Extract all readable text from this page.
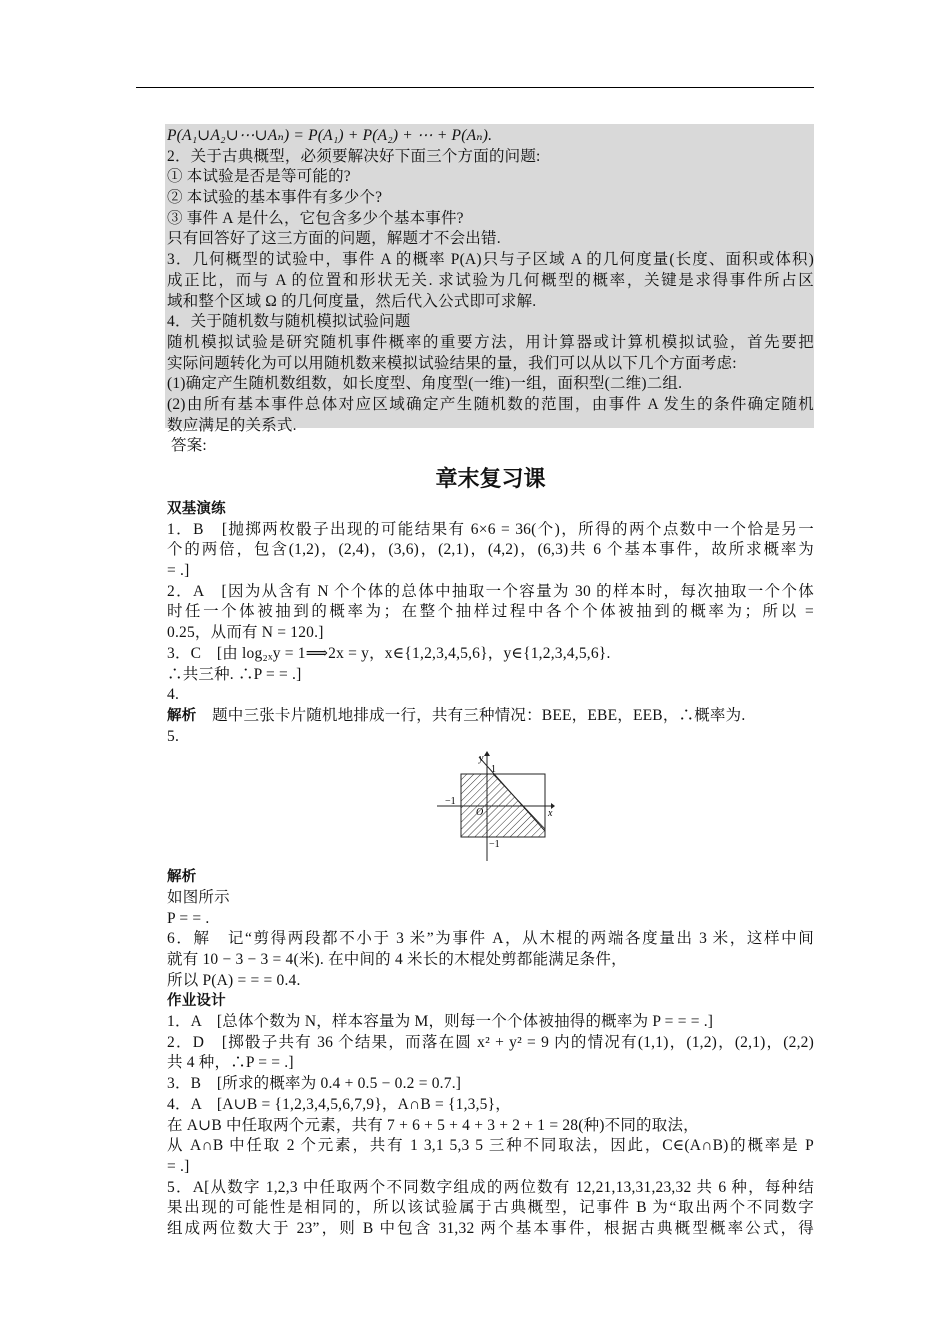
P(A₁∪A₂∪⋯∪Aₙ) = P(A₁) + P(A₂) + ⋯ + P(Aₙ).
2．关于古典概型，必须要解决好下面三个方面的问题:
① 本试验是否是等可能的?
② 本试验的基本事件有多少个?
③ 事件 A 是什么，它包含多少个基本事件?
只有回答好了这三方面的问题，解题才不会出错.
3．几何概型的试验中，事件 A 的概率 P(A)只与子区域 A 的几何度量(长度、面积或体积)
成正比，而与 A 的位置和形状无关. 求试验为几何概型的概率，关键是求得事件所占区
域和整个区域 Ω 的几何度量，然后代入公式即可求解.
4．关于随机数与随机模拟试验问题
随机模拟试验是研究随机事件概率的重要方法，用计算器或计算机模拟试验，首先要把
实际问题转化为可以用随机数来模拟试验结果的量，我们可以从以下几个方面考虑:
(1)确定产生随机数组数，如长度型、角度型(一维)一组，面积型(二维)二组.
(2)由所有基本事件总体对应区域确定产生随机数的范围，由事件 A 发生的条件确定随机
数应满足的关系式.
答案:
章末复习课
双基演练
1．B　[抛掷两枚骰子出现的可能结果有 6×6 = 36(个)，所得的两个点数中一个恰是另一
个的两倍，包含(1,2)，(2,4)，(3,6)，(2,1)，(4,2)，(6,3)共 6 个基本事件，故所求概率为
= .]
2．A　[因为从含有 N 个个体的总体中抽取一个容量为 30 的样本时，每次抽取一个个体
时任一个体被抽到的概率为；在整个抽样过程中各个个体被抽到的概率为；所以 =
0.25，从而有 N = 120.]
3．C　[由 log₂ₓy = 1⟹2x = y，x∈{1,2,3,4,5,6}，y∈{1,2,3,4,5,6}.
∴共三种. ∴P = = .]
4.
解析　 题中三张卡片随机地排成一行，共有三种情况：BEE，EBE，EEB，∴概率为.
5.
y
x
O
1
−1
−1
解析
如图所示
P = = .
6．解　记“剪得两段都不小于 3 米”为事件 A，从木棍的两端各度量出 3 米，这样中间
就有 10 − 3 − 3 = 4(米). 在中间的 4 米长的木棍处剪都能满足条件，
所以 P(A) = = = 0.4.
作业设计
1．A　[总体个数为 N，样本容量为 M，则每一个个体被抽得的概率为 P = = = .]
2．D　[掷骰子共有 36 个结果，而落在圆 x² + y² = 9 内的情况有(1,1)，(1,2)，(2,1)，(2,2)
共 4 种，∴P = = .]
3．B　[所求的概率为 0.4 + 0.5 − 0.2 = 0.7.]
4．A　[A∪B = {1,2,3,4,5,6,7,9}，A∩B = {1,3,5}，
在 A∪B 中任取两个元素，共有 7 + 6 + 5 + 4 + 3 + 2 + 1 = 28(种)不同的取法，
从 A∩B 中任取 2 个元素，共有 1 3,1 5,3 5 三种不同取法，因此，C∈(A∩B)的概率是 P
= .]
5．A[从数字 1,2,3 中任取两个不同数字组成的两位数有 12,21,13,31,23,32 共 6 种，每种结
果出现的可能性是相同的，所以该试验属于古典概型，记事件 B 为“取出两个不同数字
组成两位数大于 23”，则 B 中包含 31,32 两个基本事件，根据古典概型概率公式，得
